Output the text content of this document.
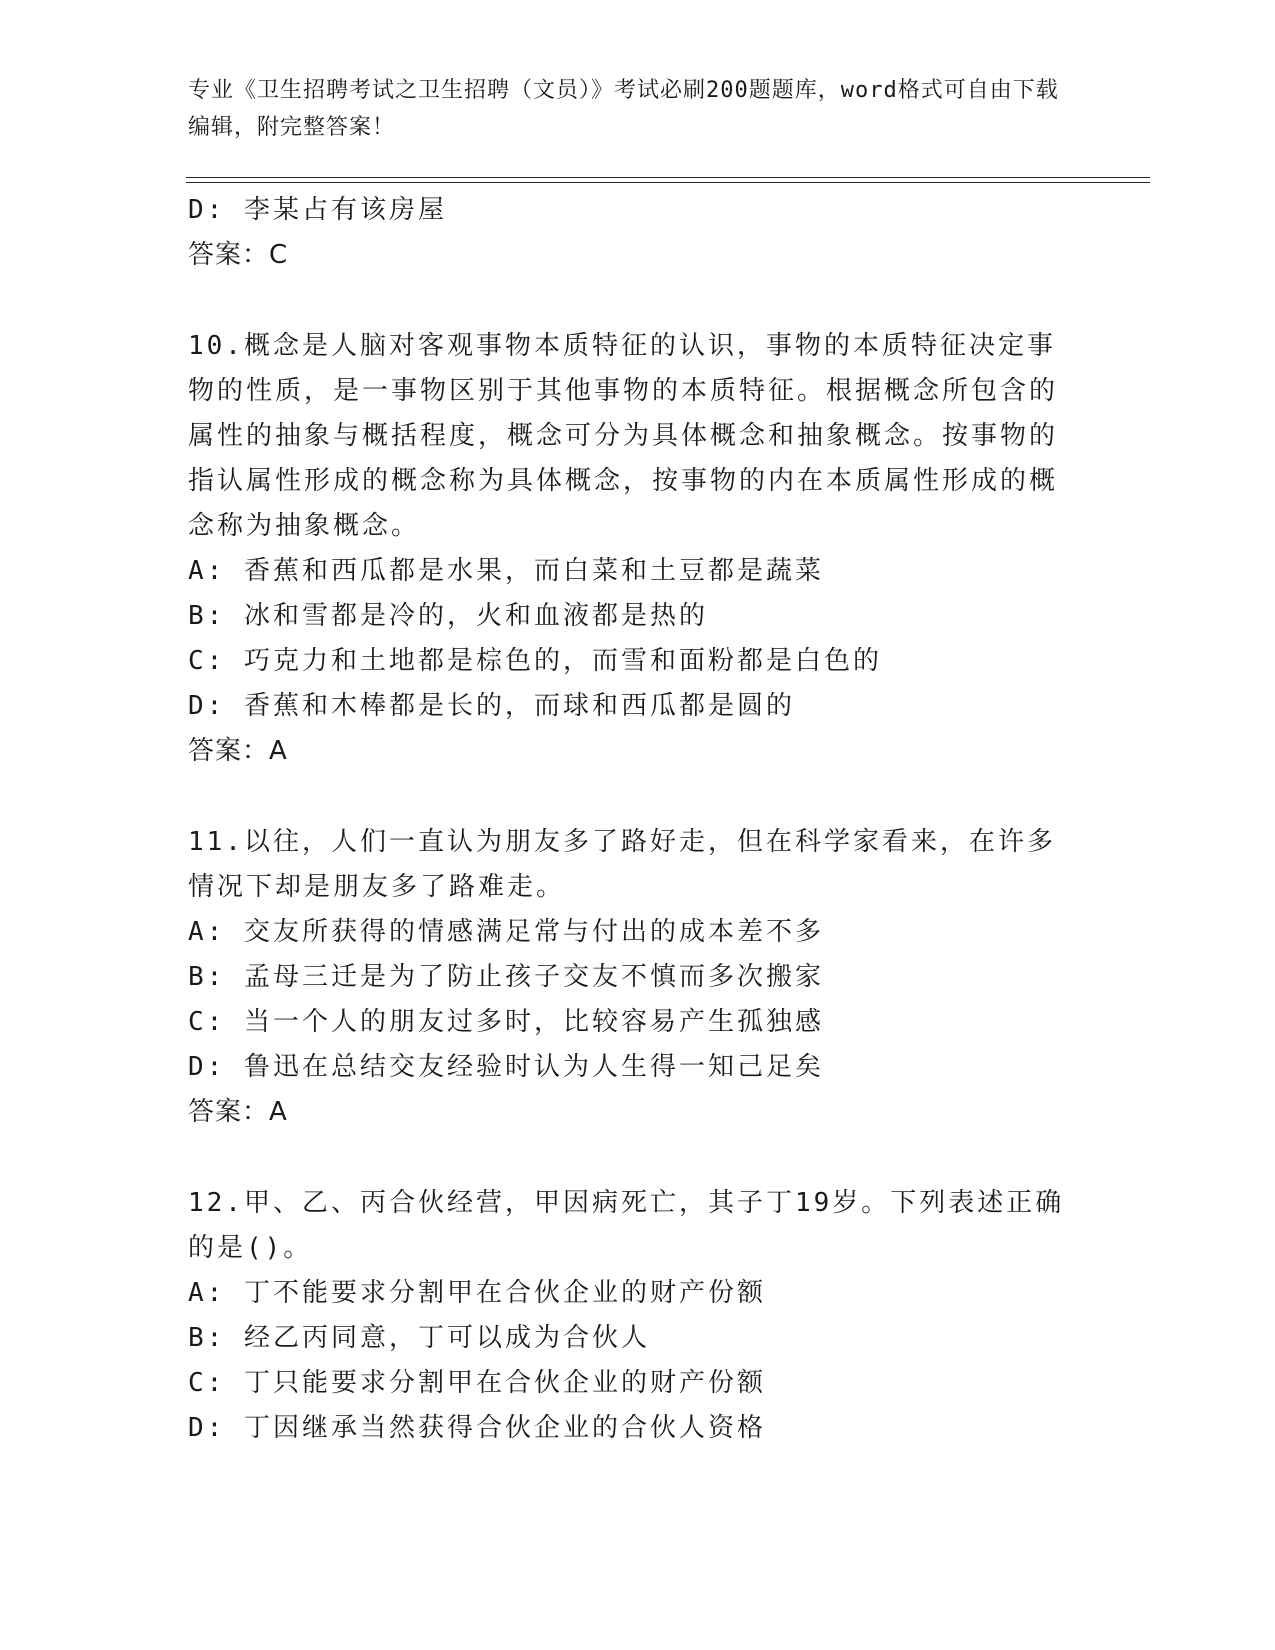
专业《卫生招聘考试之卫生招聘（文员）》考试必刷200题题库，word格式可自由下载编辑，附完整答案！
D: 李某占有该房屋
答案：C
10.概念是人脑对客观事物本质特征的认识，事物的本质特征决定事物的性质，是一事物区别于其他事物的本质特征。根据概念所包含的属性的抽象与概括程度，概念可分为具体概念和抽象概念。按事物的指认属性形成的概念称为具体概念，按事物的内在本质属性形成的概念称为抽象概念。
A: 香蕉和西瓜都是水果，而白菜和土豆都是蔬菜
B: 冰和雪都是冷的，火和血液都是热的
C: 巧克力和土地都是棕色的，而雪和面粉都是白色的
D: 香蕉和木棒都是长的，而球和西瓜都是圆的
答案：A
11.以往，人们一直认为朋友多了路好走，但在科学家看来，在许多情况下却是朋友多了路难走。
A: 交友所获得的情感满足常与付出的成本差不多
B: 孟母三迁是为了防止孩子交友不慎而多次搬家
C: 当一个人的朋友过多时，比较容易产生孤独感
D: 鲁迅在总结交友经验时认为人生得一知己足矣
答案：A
12.甲、乙、丙合伙经营，甲因病死亡，其子丁19岁。下列表述正确的是()。
A: 丁不能要求分割甲在合伙企业的财产份额
B: 经乙丙同意，丁可以成为合伙人
C: 丁只能要求分割甲在合伙企业的财产份额
D: 丁因继承当然获得合伙企业的合伙人资格
